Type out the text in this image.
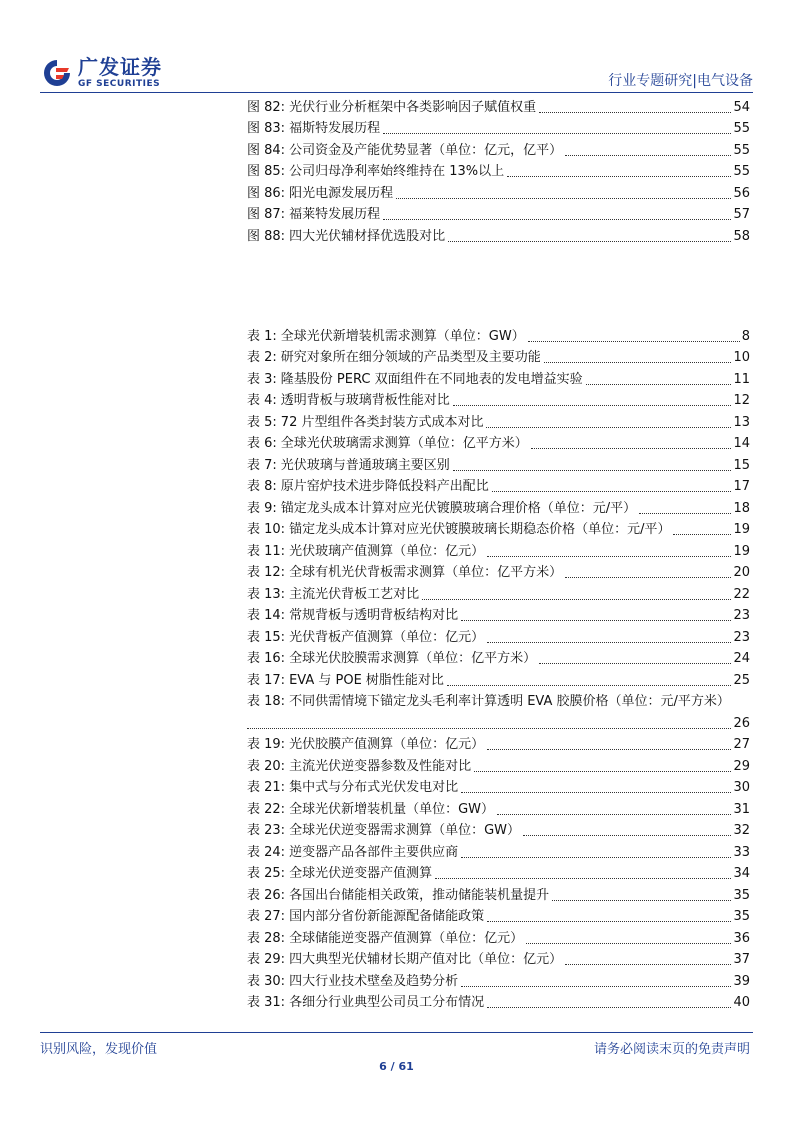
广发证券
GF SECURITIES	行业专题研究|电气设备
图 82: 光伏行业分析框架中各类影响因子赋值权重	54
图 83: 福斯特发展历程	55
图 84: 公司资金及产能优势显著（单位：亿元，亿平）	55
图 85: 公司归母净利率始终维持在 13%以上	55
图 86: 阳光电源发展历程	56
图 87: 福莱特发展历程	57
图 88: 四大光伏辅材择优选股对比	58
表 1: 全球光伏新增装机需求测算（单位：GW）	8
表 2: 研究对象所在细分领域的产品类型及主要功能	10
表 3: 隆基股份 PERC 双面组件在不同地表的发电增益实验	11
表 4: 透明背板与玻璃背板性能对比	12
表 5: 72 片型组件各类封装方式成本对比	13
表 6: 全球光伏玻璃需求测算（单位：亿平方米）	14
表 7: 光伏玻璃与普通玻璃主要区别	15
表 8: 原片窑炉技术进步降低投料产出配比	17
表 9: 锚定龙头成本计算对应光伏镀膜玻璃合理价格（单位：元/平）	18
表 10: 锚定龙头成本计算对应光伏镀膜玻璃长期稳态价格（单位：元/平）	19
表 11: 光伏玻璃产值测算（单位：亿元）	19
表 12: 全球有机光伏背板需求测算（单位：亿平方米）	20
表 13: 主流光伏背板工艺对比	22
表 14: 常规背板与透明背板结构对比	23
表 15: 光伏背板产值测算（单位：亿元）	23
表 16: 全球光伏胶膜需求测算（单位：亿平方米）	24
表 17: EVA 与 POE 树脂性能对比	25
表 18: 不同供需情境下锚定龙头毛利率计算透明 EVA 胶膜价格（单位：元/平方米）
26
表 19: 光伏胶膜产值测算（单位：亿元）	27
表 20: 主流光伏逆变器参数及性能对比	29
表 21: 集中式与分布式光伏发电对比	30
表 22: 全球光伏新增装机量（单位：GW）	31
表 23: 全球光伏逆变器需求测算（单位：GW）	32
表 24: 逆变器产品各部件主要供应商	33
表 25: 全球光伏逆变器产值测算	34
表 26: 各国出台储能相关政策，推动储能装机量提升	35
表 27: 国内部分省份新能源配备储能政策	35
表 28: 全球储能逆变器产值测算（单位：亿元）	36
表 29: 四大典型光伏辅材长期产值对比（单位：亿元）	37
表 30: 四大行业技术壁垒及趋势分析	39
表 31: 各细分行业典型公司员工分布情况	40
识别风险，发现价值	请务必阅读末页的免责声明
6 / 61
